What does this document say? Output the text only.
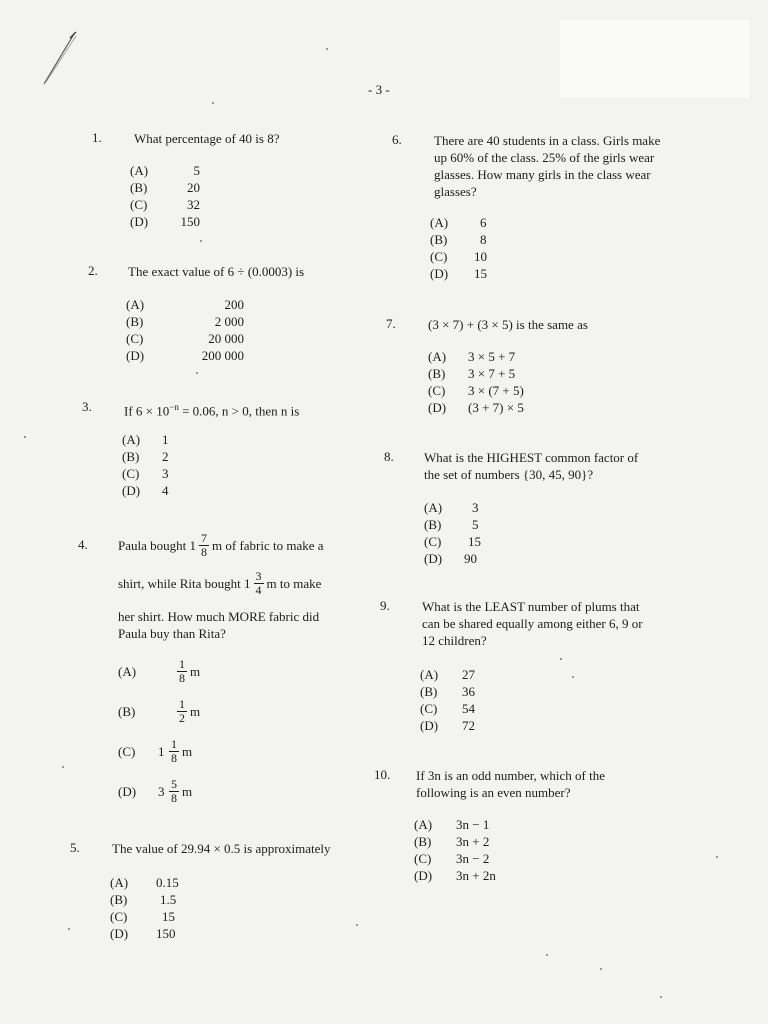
- 3 -
1. What percentage of 40 is 8?
(A)	5
(B)	20
(C)	32
(D)	150
2. The exact value of 6 ÷ (0.0003) is
(A)	200
(B)	2 000
(C)	20 000
(D)	200 000
3. If $6 \times 10^{-n} = 0.06$, n > 0, then n is
(A)	1
(B)	2
(C)	3
(D)	4
4. Paula bought $1 \frac{7}{8}$ m of fabric to make a
shirt, while Rita bought $1 \frac{3}{4}$ m to make
her shirt. How much MORE fabric did
Paula buy than Rita?
(A)	$\frac{1}{8}$ m
(B)	$\frac{1}{2}$ m
(C)	$1 \frac{1}{8}$ m
(D)	$3 \frac{5}{8}$ m
5. The value of 29.94 × 0.5 is approximately
(A)	0.15
(B)	1.5
(C)	15
(D)	150
6. There are 40 students in a class. Girls make
up 60% of the class. 25% of the girls wear
glasses. How many girls in the class wear
glasses?
(A)	6
(B)	8
(C)	10
(D)	15
7. (3 × 7) + (3 × 5) is the same as
(A)	3 × 5 + 7
(B)	3 × 7 + 5
(C)	3 × (7 + 5)
(D)	(3 + 7) × 5
8. What is the HIGHEST common factor of
the set of numbers {30, 45, 90}?
(A)	3
(B)	5
(C)	15
(D)	90
9. What is the LEAST number of plums that
can be shared equally among either 6, 9 or
12 children?
(A)	27
(B)	36
(C)	54
(D)	72
10. If 3n is an odd number, which of the
following is an even number?
(A)	3n − 1
(B)	3n + 2
(C)	3n − 2
(D)	3n + 2n
